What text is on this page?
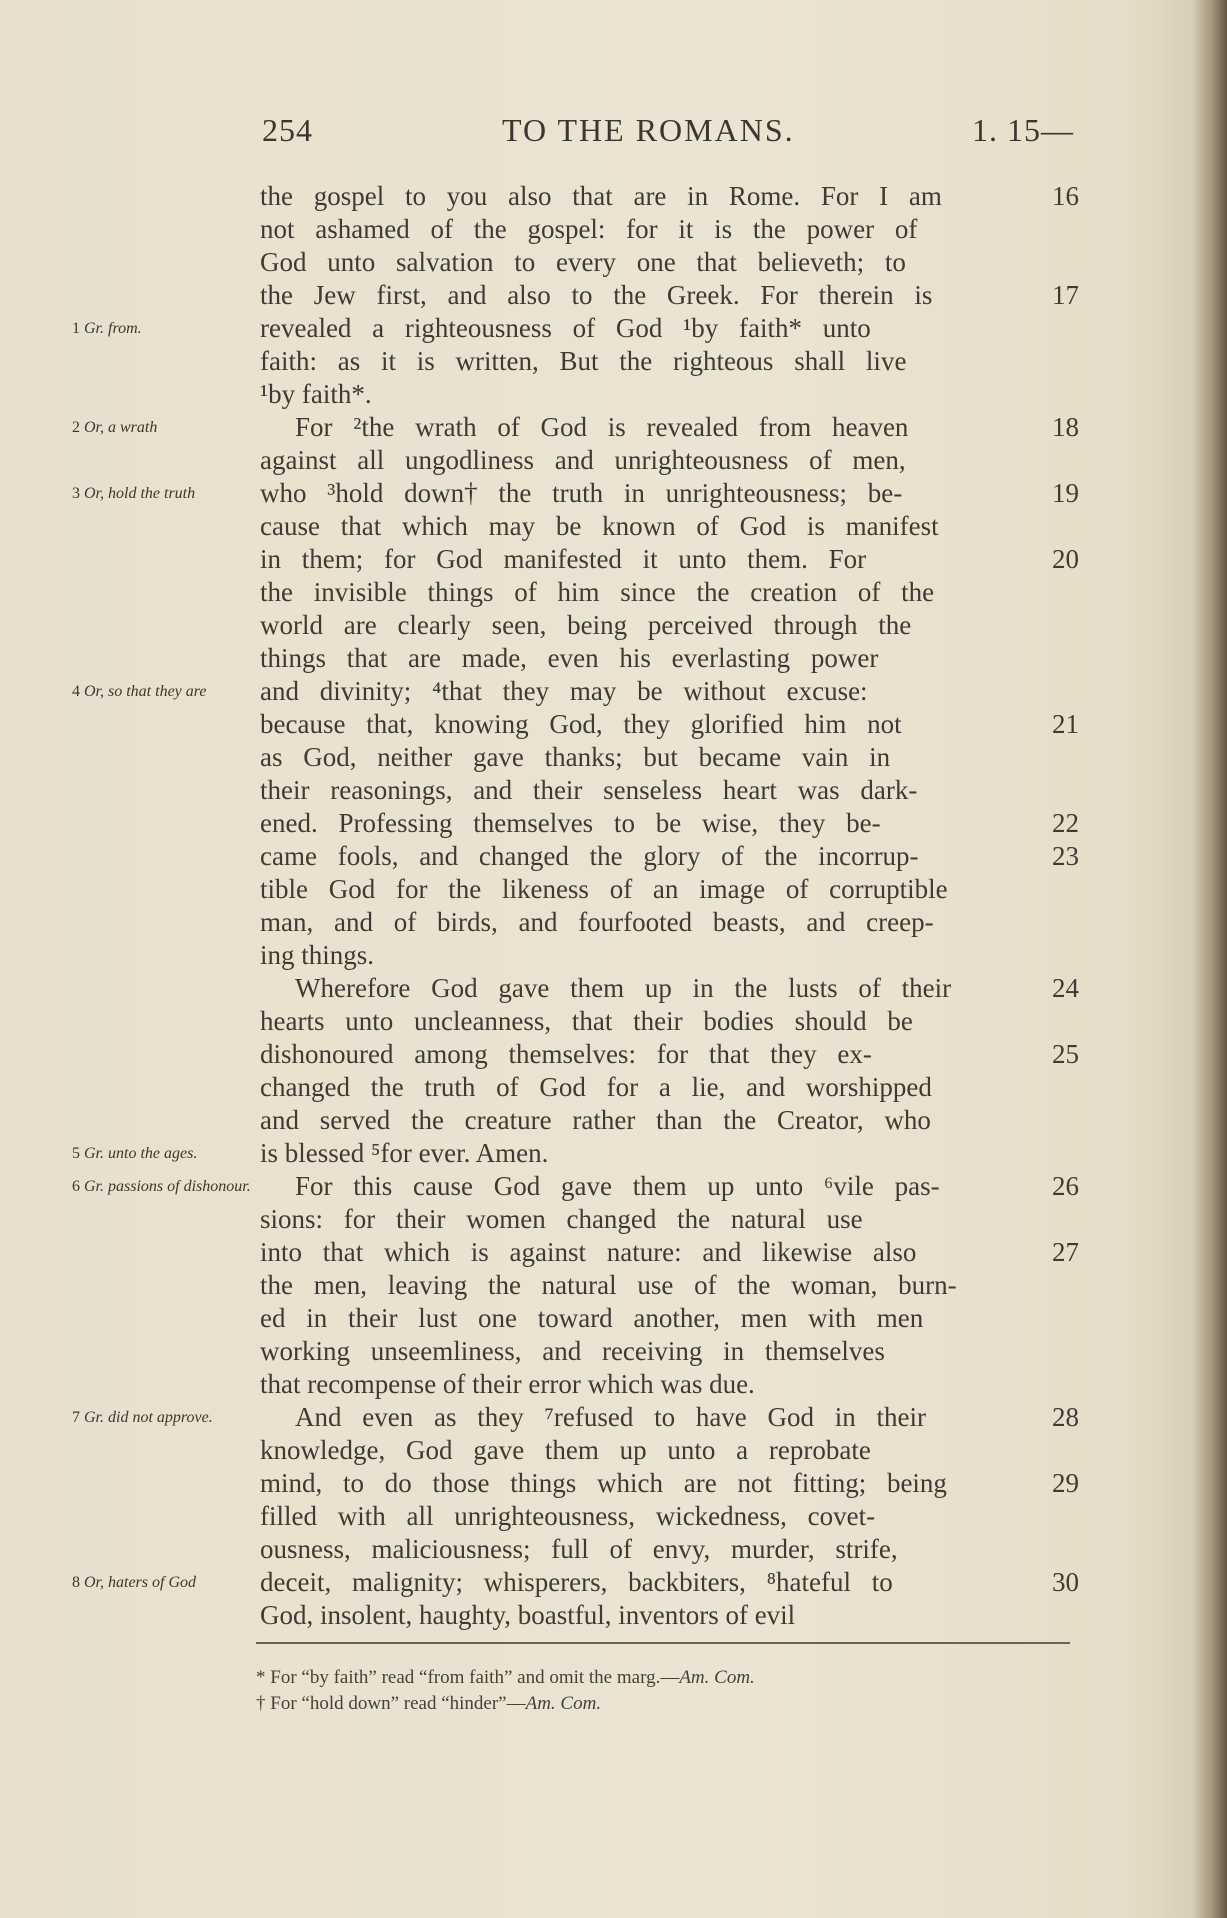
254	TO THE ROMANS.	1. 15—
the gospel to you also that are in Rome. For I am	16
not ashamed of the gospel: for it is the power of
God unto salvation to every one that believeth; to
the Jew first, and also to the Greek. For therein is	17
revealed a righteousness of God ¹by faith* unto
faith: as it is written, But the righteous shall live
¹by faith*.
For ²the wrath of God is revealed from heaven	18
against all ungodliness and unrighteousness of men,
who ³hold down† the truth in unrighteousness; be-	19
cause that which may be known of God is manifest
in them; for God manifested it unto them. For	20
the invisible things of him since the creation of the
world are clearly seen, being perceived through the
things that are made, even his everlasting power
and divinity; ⁴that they may be without excuse:
because that, knowing God, they glorified him not	21
as God, neither gave thanks; but became vain in
their reasonings, and their senseless heart was dark-
ened. Professing themselves to be wise, they be-	22
came fools, and changed the glory of the incorrup-	23
tible God for the likeness of an image of corruptible
man, and of birds, and fourfooted beasts, and creep-
ing things.
Wherefore God gave them up in the lusts of their	24
hearts unto uncleanness, that their bodies should be
dishonoured among themselves: for that they ex-	25
changed the truth of God for a lie, and worshipped
and served the creature rather than the Creator, who
is blessed ⁵for ever. Amen.
For this cause God gave them up unto ⁶vile pas-	26
sions: for their women changed the natural use
into that which is against nature: and likewise also	27
the men, leaving the natural use of the woman, burn-
ed in their lust one toward another, men with men
working unseemliness, and receiving in themselves
that recompense of their error which was due.
And even as they ⁷refused to have God in their	28
knowledge, God gave them up unto a reprobate
mind, to do those things which are not fitting; being	29
filled with all unrighteousness, wickedness, covet-
ousness, maliciousness; full of envy, murder, strife,
deceit, malignity; whisperers, backbiters, ⁸hateful to	30
God, insolent, haughty, boastful, inventors of evil
1 Gr. from.
2 Or, a wrath
3 Or, hold the truth
4 Or, so that they are
5 Gr. unto the ages.
6 Gr. passions of dishonour.
7 Gr. did not approve.
8 Or, haters of God
* For “by faith” read “from faith” and omit the marg.—Am. Com.
† For “hold down” read “hinder”—Am. Com.
